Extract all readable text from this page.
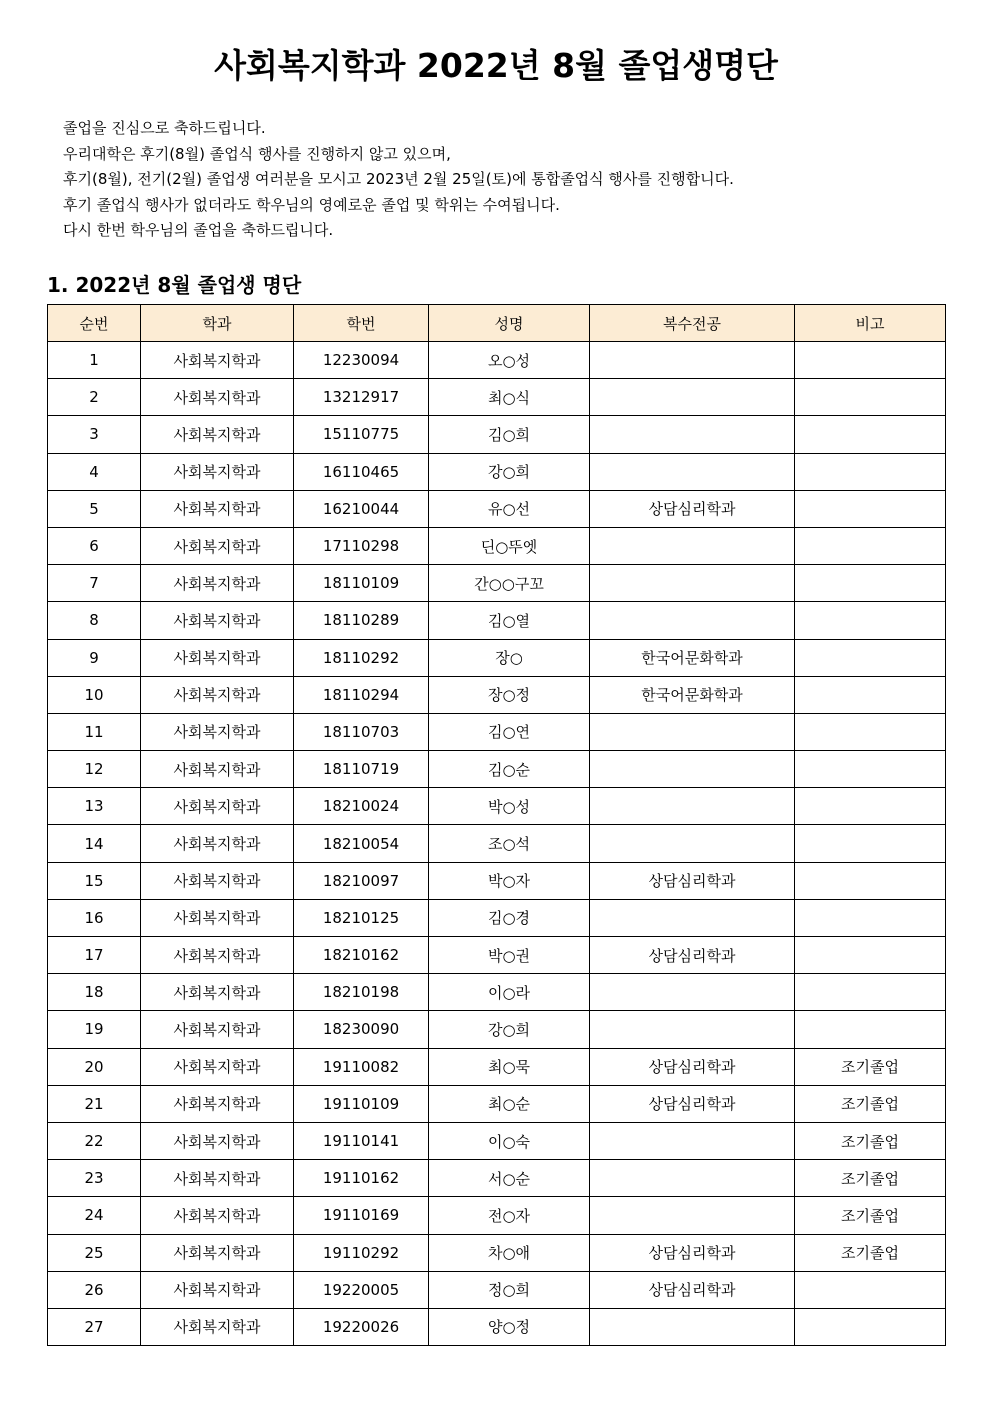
사회복지학과 2022년 8월 졸업생명단

졸업을 진심으로 축하드립니다.

우리대학은 후기(8월) 졸업식 행사를 진행하지 않고 있으며,

후기(8월), 전기(2월) 졸업생 여러분을 모시고 2023년 2월 25일(토)에 통합졸업식 행사를 진행합니다.

후기 졸업식 행사가 없더라도 학우님의 영예로운 졸업 및 학위는 수여됩니다.

다시 한번 학우님의 졸업을 축하드립니다.

1. 2022년 8월 졸업생 명단
순번	학과	학번	성명	복수전공	비고
1	사회복지학과	12230094	오○성		
2	사회복지학과	13212917	최○식		
3	사회복지학과	15110775	김○희		
4	사회복지학과	16110465	강○희		
5	사회복지학과	16210044	유○선	상담심리학과	
6	사회복지학과	17110298	딘○뚜엣		
7	사회복지학과	18110109	간○○구꼬		
8	사회복지학과	18110289	김○열		
9	사회복지학과	18110292	장○	한국어문화학과	
10	사회복지학과	18110294	장○정	한국어문화학과	
11	사회복지학과	18110703	김○연		
12	사회복지학과	18110719	김○순		
13	사회복지학과	18210024	박○성		
14	사회복지학과	18210054	조○석		
15	사회복지학과	18210097	박○자	상담심리학과	
16	사회복지학과	18210125	김○경		
17	사회복지학과	18210162	박○권	상담심리학과	
18	사회복지학과	18210198	이○라		
19	사회복지학과	18230090	강○희		
20	사회복지학과	19110082	최○묵	상담심리학과	조기졸업
21	사회복지학과	19110109	최○순	상담심리학과	조기졸업
22	사회복지학과	19110141	이○숙		조기졸업
23	사회복지학과	19110162	서○순		조기졸업
24	사회복지학과	19110169	전○자		조기졸업
25	사회복지학과	19110292	차○애	상담심리학과	조기졸업
26	사회복지학과	19220005	정○희	상담심리학과	
27	사회복지학과	19220026	양○정		
